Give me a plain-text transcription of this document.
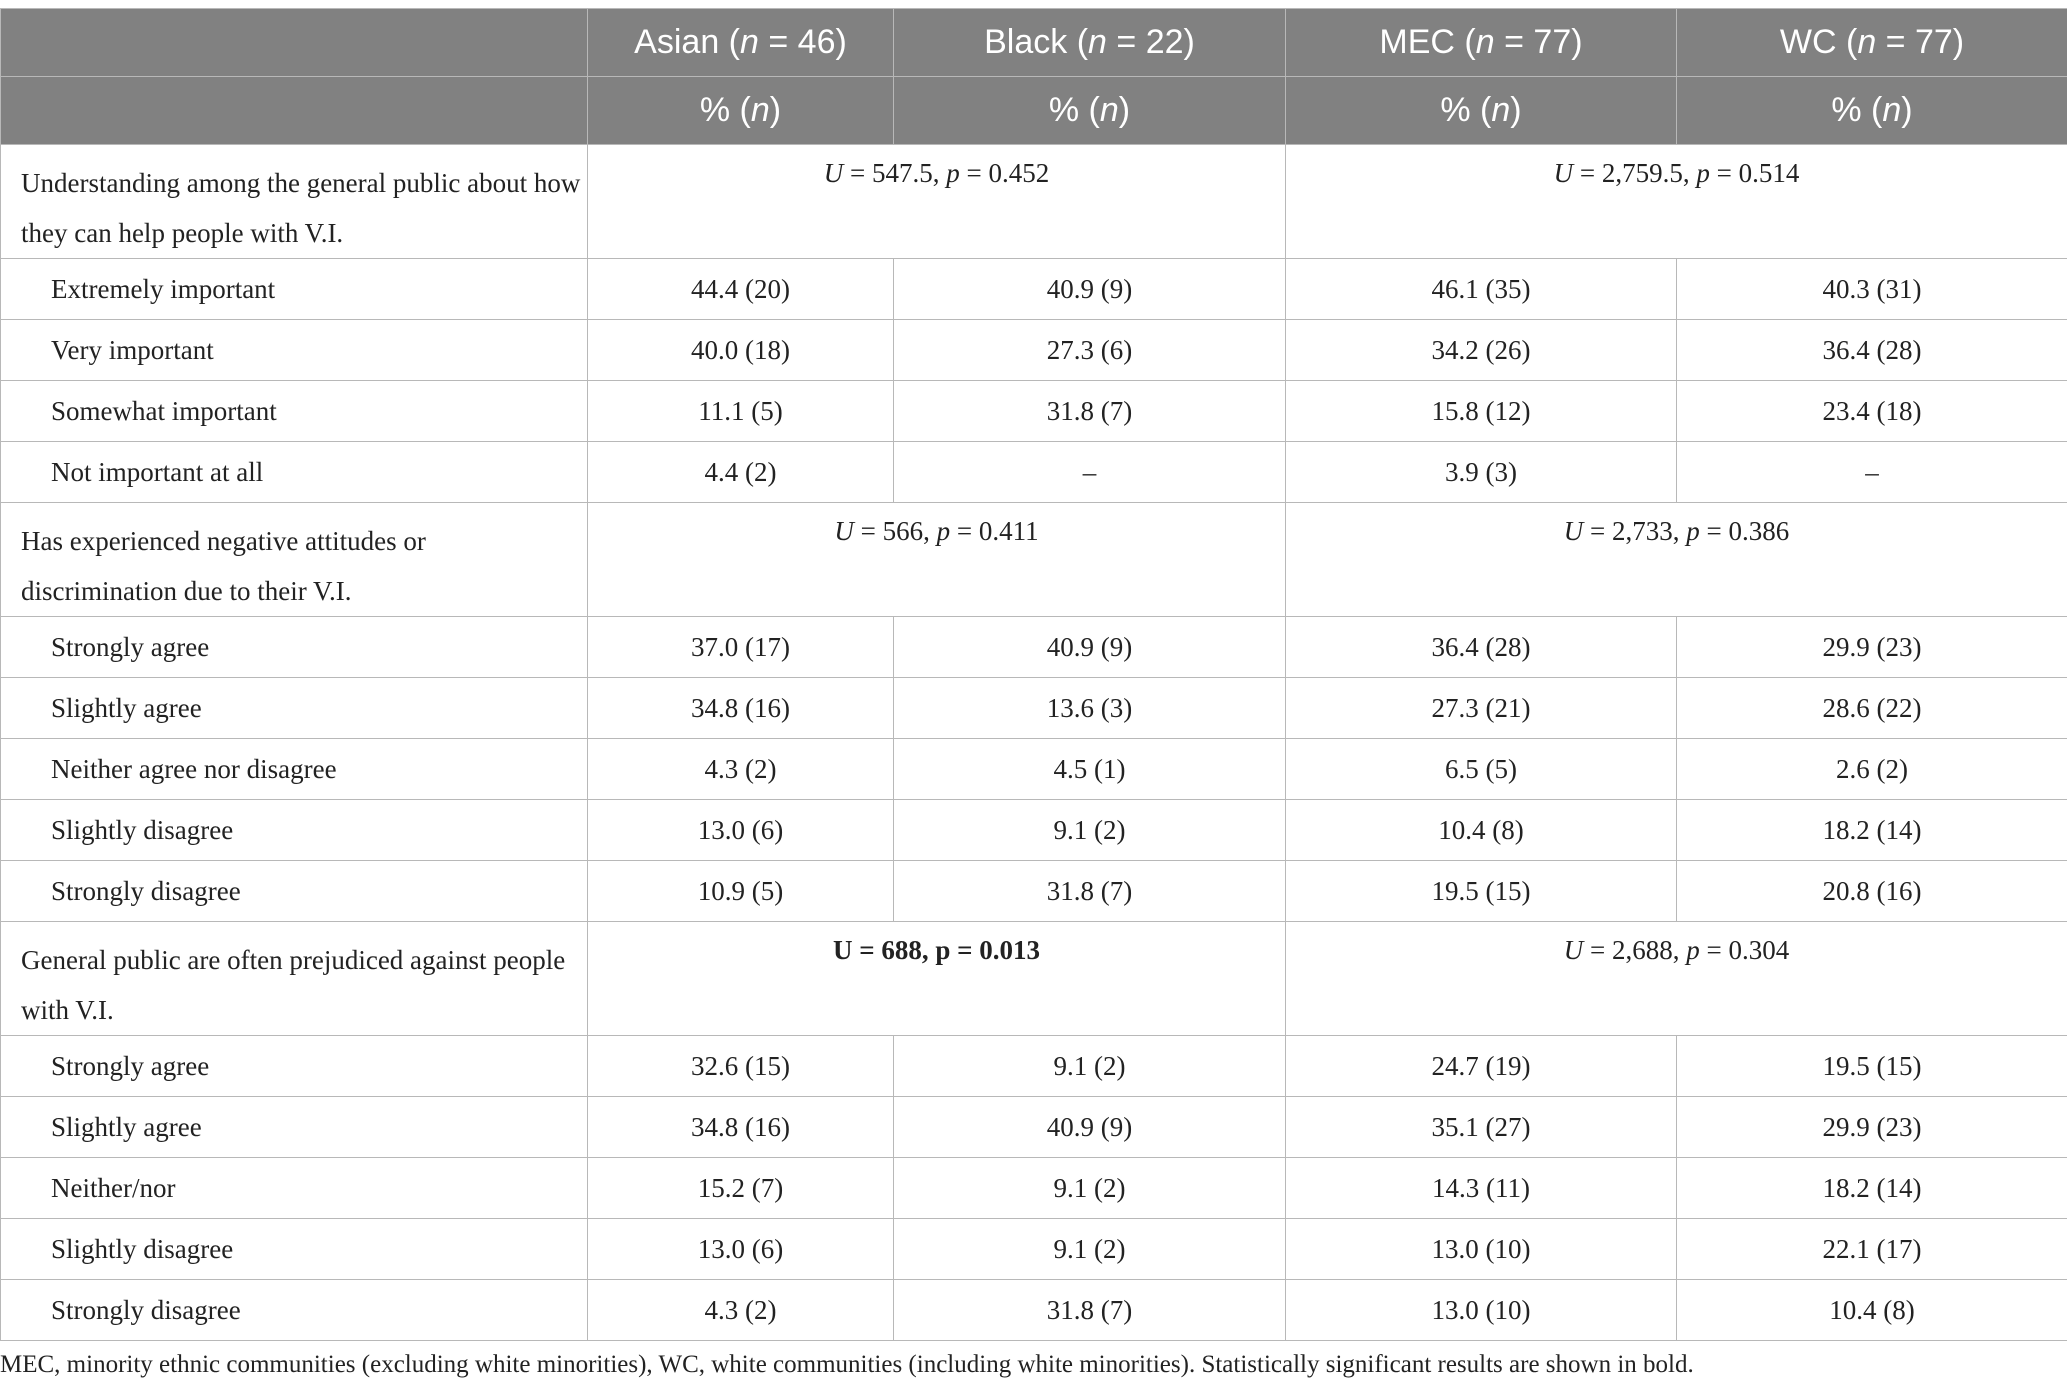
	Asian (n = 46)	Black (n = 22)	MEC (n = 77)	WC (n = 77)
	% (n)	% (n)	% (n)	% (n)
Understanding among the general public about how they can help people with V.I.	U = 547.5, p = 0.452		U = 2,759.5, p = 0.514	
Extremely important	44.4 (20)	40.9 (9)	46.1 (35)	40.3 (31)
Very important	40.0 (18)	27.3 (6)	34.2 (26)	36.4 (28)
Somewhat important	11.1 (5)	31.8 (7)	15.8 (12)	23.4 (18)
Not important at all	4.4 (2)	–	3.9 (3)	–
Has experienced negative attitudes or discrimination due to their V.I.	U = 566, p = 0.411		U = 2,733, p = 0.386	
Strongly agree	37.0 (17)	40.9 (9)	36.4 (28)	29.9 (23)
Slightly agree	34.8 (16)	13.6 (3)	27.3 (21)	28.6 (22)
Neither agree nor disagree	4.3 (2)	4.5 (1)	6.5 (5)	2.6 (2)
Slightly disagree	13.0 (6)	9.1 (2)	10.4 (8)	18.2 (14)
Strongly disagree	10.9 (5)	31.8 (7)	19.5 (15)	20.8 (16)
General public are often prejudiced against people with V.I.	U = 688, p = 0.013		U = 2,688, p = 0.304	
Strongly agree	32.6 (15)	9.1 (2)	24.7 (19)	19.5 (15)
Slightly agree	34.8 (16)	40.9 (9)	35.1 (27)	29.9 (23)
Neither/nor	15.2 (7)	9.1 (2)	14.3 (11)	18.2 (14)
Slightly disagree	13.0 (6)	9.1 (2)	13.0 (10)	22.1 (17)
Strongly disagree	4.3 (2)	31.8 (7)	13.0 (10)	10.4 (8)
MEC, minority ethnic communities (excluding white minorities), WC, white communities (including white minorities). Statistically significant results are shown in bold.
